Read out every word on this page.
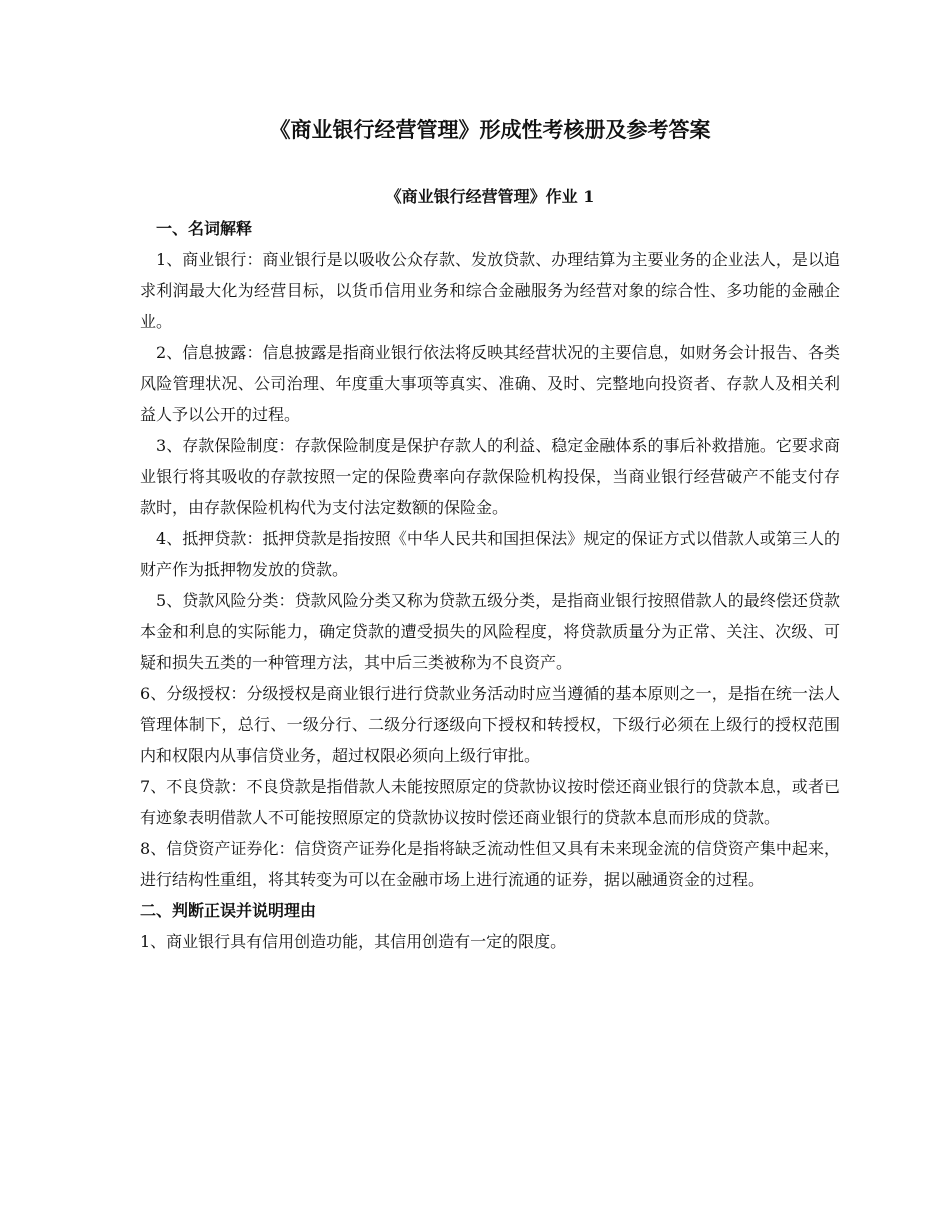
《商业银行经营管理》形成性考核册及参考答案
《商业银行经营管理》作业 1

一、名词解释

1、商业银行：商业银行是以吸收公众存款、发放贷款、办理结算为主要业务的企业法人，是以追求利润最大化为经营目标，以货币信用业务和综合金融服务为经营对象的综合性、多功能的金融企业。

2、信息披露：信息披露是指商业银行依法将反映其经营状况的主要信息，如财务会计报告、各类风险管理状况、公司治理、年度重大事项等真实、准确、及时、完整地向投资者、存款人及相关利益人予以公开的过程。

3、存款保险制度：存款保险制度是保护存款人的利益、稳定金融体系的事后补救措施。它要求商业银行将其吸收的存款按照一定的保险费率向存款保险机构投保，当商业银行经营破产不能支付存款时，由存款保险机构代为支付法定数额的保险金。

4、抵押贷款：抵押贷款是指按照《中华人民共和国担保法》规定的保证方式以借款人或第三人的财产作为抵押物发放的贷款。

5、贷款风险分类：贷款风险分类又称为贷款五级分类，是指商业银行按照借款人的最终偿还贷款本金和利息的实际能力，确定贷款的遭受损失的风险程度，将贷款质量分为正常、关注、次级、可疑和损失五类的一种管理方法，其中后三类被称为不良资产。

6、分级授权：分级授权是商业银行进行贷款业务活动时应当遵循的基本原则之一，是指在统一法人管理体制下，总行、一级分行、二级分行逐级向下授权和转授权，下级行必须在上级行的授权范围内和权限内从事信贷业务，超过权限必须向上级行审批。

7、不良贷款：不良贷款是指借款人未能按照原定的贷款协议按时偿还商业银行的贷款本息，或者已有迹象表明借款人不可能按照原定的贷款协议按时偿还商业银行的贷款本息而形成的贷款。

8、信贷资产证券化：信贷资产证券化是指将缺乏流动性但又具有未来现金流的信贷资产集中起来，进行结构性重组，将其转变为可以在金融市场上进行流通的证券，据以融通资金的过程。

二、判断正误并说明理由

1、商业银行具有信用创造功能，其信用创造有一定的限度。
